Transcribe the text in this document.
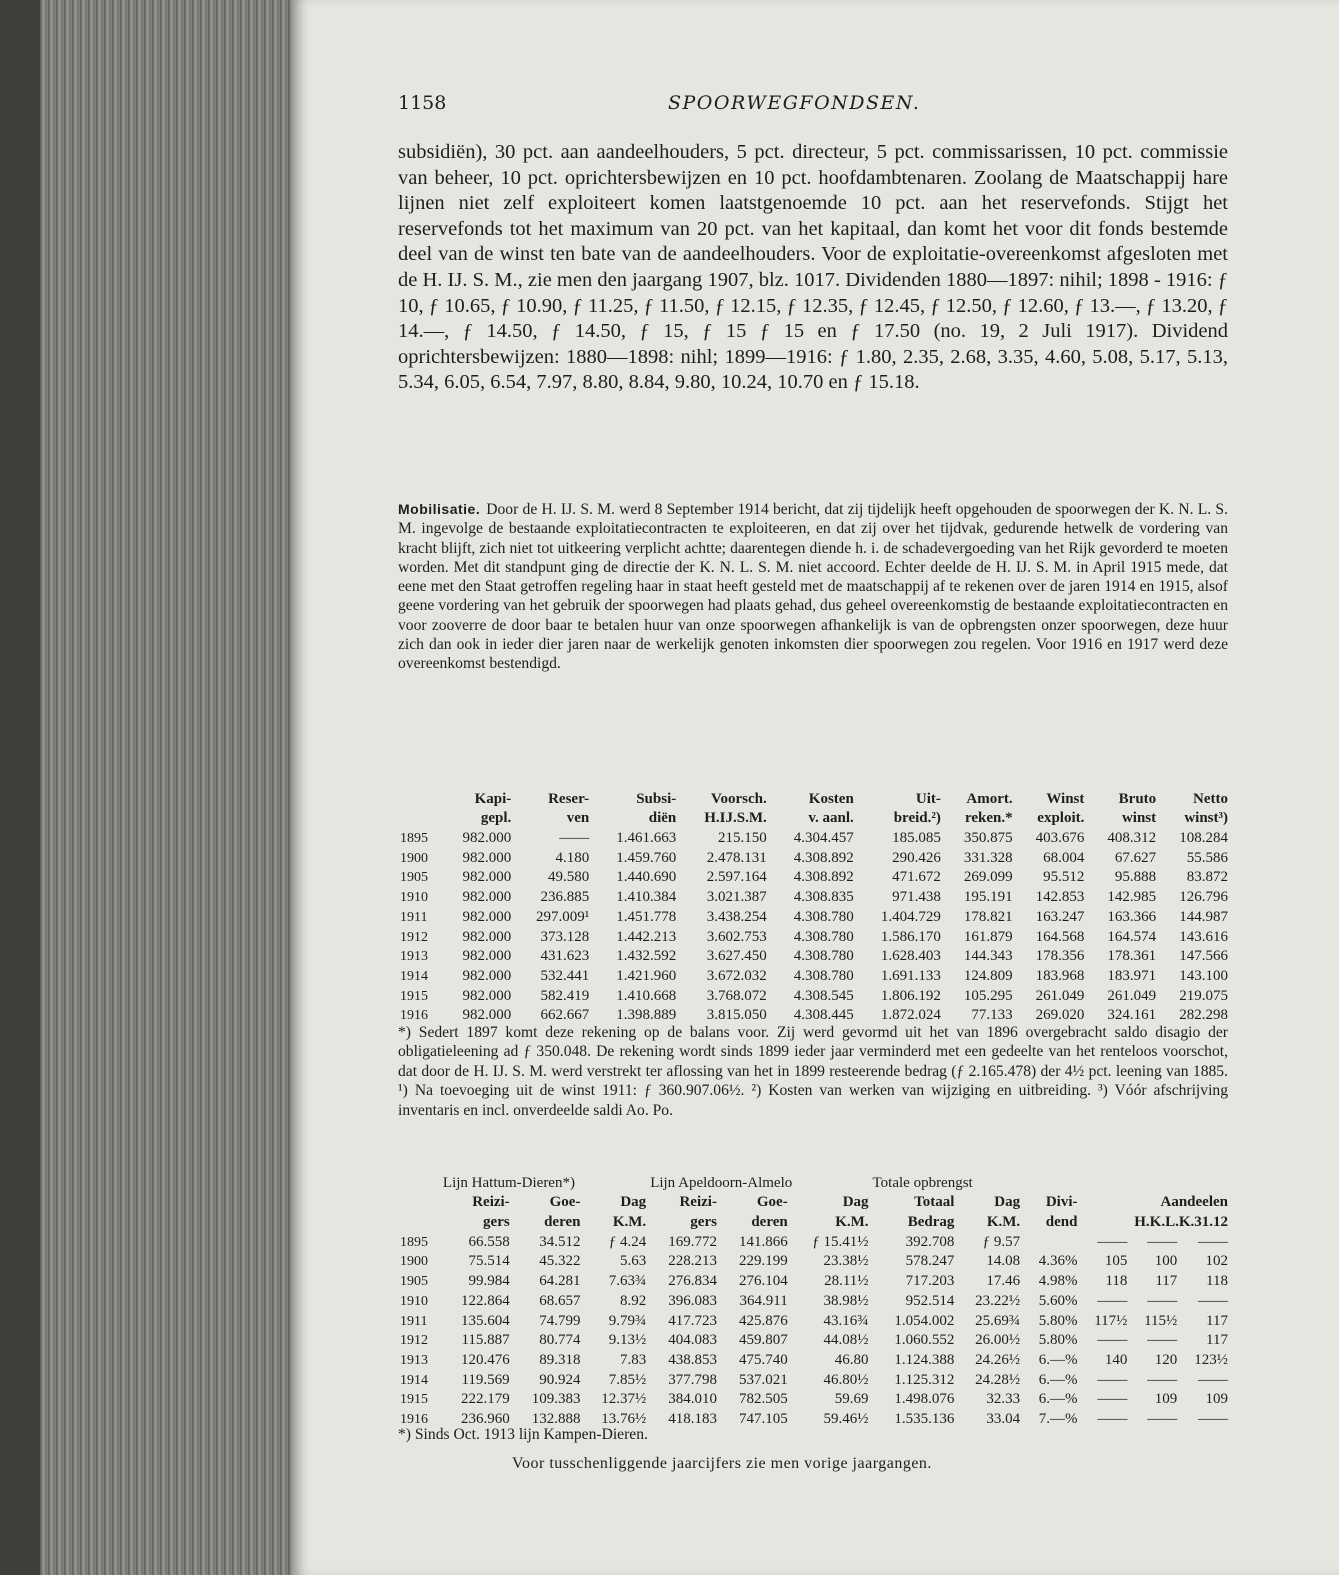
1158	SPOORWEGFONDSEN.

subsidiën), 30 pct. aan aandeelhouders, 5 pct. directeur, 5 pct. commissarissen, 10 pct. commissie van beheer, 10 pct. oprichtersbewijzen en 10 pct. hoofdambtenaren. Zoolang de Maatschappij hare lijnen niet zelf exploiteert komen laatstgenoemde 10 pct. aan het reservefonds. Stijgt het reservefonds tot het maximum van 20 pct. van het kapitaal, dan komt het voor dit fonds bestemde deel van de winst ten bate van de aandeelhouders. Voor de exploitatie-overeenkomst afgesloten met de H. IJ. S. M., zie men den jaargang 1907, blz. 1017. Dividenden 1880—1897: nihil; 1898 - 1916: ƒ 10, ƒ 10.65, ƒ 10.90, ƒ 11.25, ƒ 11.50, ƒ 12.15, ƒ 12.35, ƒ 12.45, ƒ 12.50, ƒ 12.60, ƒ 13.—, ƒ 13.20, ƒ 14.—, ƒ 14.50, ƒ 14.50, ƒ 15, ƒ 15 ƒ 15 en ƒ 17.50 (no. 19, 2 Juli 1917). Dividend oprichtersbewijzen: 1880—1898: nihl; 1899—1916: ƒ 1.80, 2.35, 2.68, 3.35, 4.60, 5.08, 5.17, 5.13, 5.34, 6.05, 6.54, 7.97, 8.80, 8.84, 9.80, 10.24, 10.70 en ƒ 15.18.

Mobilisatie. Door de H. IJ. S. M. werd 8 September 1914 bericht, dat zij tijdelijk heeft opgehouden de spoorwegen der K. N. L. S. M. ingevolge de bestaande exploitatiecontracten te exploiteeren, en dat zij over het tijdvak, gedurende hetwelk de vordering van kracht blijft, zich niet tot uitkeering verplicht achtte; daarentegen diende h. i. de schadevergoeding van het Rijk gevorderd te moeten worden. Met dit standpunt ging de directie der K. N. L. S. M. niet accoord. Echter deelde de H. IJ. S. M. in April 1915 mede, dat eene met den Staat getroffen regeling haar in staat heeft gesteld met de maatschappij af te rekenen over de jaren 1914 en 1915, alsof geene vordering van het gebruik der spoorwegen had plaats gehad, dus geheel overeenkomstig de bestaande exploitatiecontracten en voor zooverre de door baar te betalen huur van onze spoorwegen afhankelijk is van de opbrengsten onzer spoorwegen, deze huur zich dan ook in ieder dier jaren naar de werkelijk genoten inkomsten dier spoorwegen zou regelen. Voor 1916 en 1917 werd deze overeenkomst bestendigd.

	Kapi-	Reser-	Subsi-	Voorsch.	Kosten	Uit-	Amort.	Winst	Bruto	Netto
	gepl.	ven	diën	H.IJ.S.M.	v. aanl.	breid.²)	reken.*	exploit.	winst	winst³)
1895	982.000	——	1.461.663	215.150	4.304.457	185.085	350.875	403.676	408.312	108.284
1900	982.000	4.180	1.459.760	2.478.131	4.308.892	290.426	331.328	68.004	67.627	55.586
1905	982.000	49.580	1.440.690	2.597.164	4.308.892	471.672	269.099	95.512	95.888	83.872
1910	982.000	236.885	1.410.384	3.021.387	4.308.835	971.438	195.191	142.853	142.985	126.796
1911	982.000	297.009¹	1.451.778	3.438.254	4.308.780	1.404.729	178.821	163.247	163.366	144.987
1912	982.000	373.128	1.442.213	3.602.753	4.308.780	1.586.170	161.879	164.568	164.574	143.616
1913	982.000	431.623	1.432.592	3.627.450	4.308.780	1.628.403	144.343	178.356	178.361	147.566
1914	982.000	532.441	1.421.960	3.672.032	4.308.780	1.691.133	124.809	183.968	183.971	143.100
1915	982.000	582.419	1.410.668	3.768.072	4.308.545	1.806.192	105.295	261.049	261.049	219.075
1916	982.000	662.667	1.398.889	3.815.050	4.308.445	1.872.024	77.133	269.020	324.161	282.298

*) Sedert 1897 komt deze rekening op de balans voor. Zij werd gevormd uit het van 1896 overgebracht saldo disagio der obligatieleening ad ƒ 350.048. De rekening wordt sinds 1899 ieder jaar verminderd met een gedeelte van het renteloos voorschot, dat door de H. IJ. S. M. werd verstrekt ter aflossing van het in 1899 resteerende bedrag (ƒ 2.165.478) der 4½ pct. leening van 1885. ¹) Na toevoeging uit de winst 1911: ƒ 360.907.06½. ²) Kosten van werken van wijziging en uitbreiding. ³) Vóór afschrijving inventaris en incl. onverdeelde saldi Ao. Po.

	Lijn Hattum-Dieren*)			Lijn Apeldoorn-Almelo			Totale opbrengst					
	Reizi-	Goe-	Dag	Reizi-	Goe-	Dag	Totaal	Dag	Divi-	Aandeelen		
	gers	deren	K.M.	gers	deren	K.M.	Bedrag	K.M.	dend	H.K.L.K.31.12		
1895	66.558	34.512	ƒ 4.24	169.772	141.866	ƒ 15.41½	392.708	ƒ 9.57		——	——	——
1900	75.514	45.322	5.63	228.213	229.199	23.38½	578.247	14.08	4.36%	105	100	102
1905	99.984	64.281	7.63¾	276.834	276.104	28.11½	717.203	17.46	4.98%	118	117	118
1910	122.864	68.657	8.92	396.083	364.911	38.98½	952.514	23.22½	5.60%	——	——	——
1911	135.604	74.799	9.79¾	417.723	425.876	43.16¾	1.054.002	25.69¾	5.80%	117½	115½	117
1912	115.887	80.774	9.13½	404.083	459.807	44.08½	1.060.552	26.00½	5.80%	——	——	117
1913	120.476	89.318	7.83	438.853	475.740	46.80	1.124.388	24.26½	6.—%	140	120	123½
1914	119.569	90.924	7.85½	377.798	537.021	46.80½	1.125.312	24.28½	6.—%	——	——	——
1915	222.179	109.383	12.37½	384.010	782.505	59.69	1.498.076	32.33	6.—%	——	109	109
1916	236.960	132.888	13.76½	418.183	747.105	59.46½	1.535.136	33.04	7.—%	——	——	——

*) Sinds Oct. 1913 lijn Kampen-Dieren.

Voor tusschenliggende jaarcijfers zie men vorige jaargangen.
